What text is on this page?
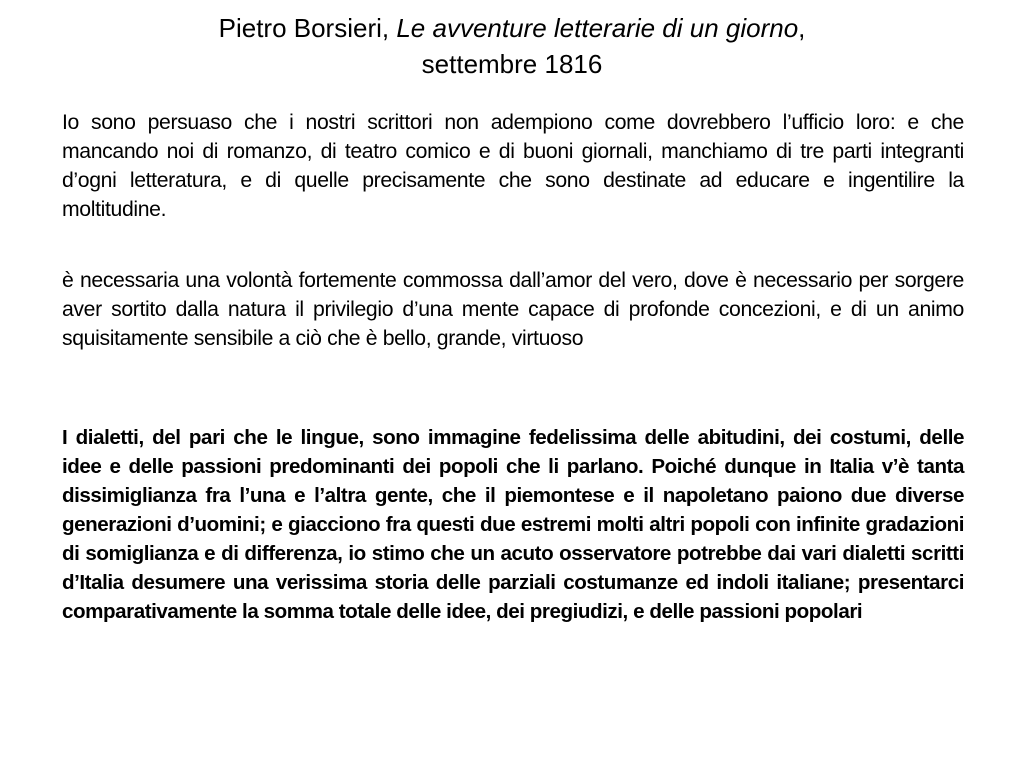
Pietro Borsieri, Le avventure letterarie di un giorno,
settembre 1816

Io sono persuaso che i nostri scrittori non adempiono come dovrebbero l’ufficio loro: e che mancando noi di romanzo, di teatro comico e di buoni giornali, manchiamo di tre parti integranti d’ogni letteratura, e di quelle precisamente che sono destinate ad educare e ingentilire la moltitudine.

è necessaria una volontà fortemente commossa dall’amor del vero, dove è necessario per sorgere aver sortito dalla natura il privilegio d’una mente capace di profonde concezioni, e di un animo squisitamente sensibile a ciò che è bello, grande, virtuoso

I dialetti, del pari che le lingue, sono immagine fedelissima delle abitudini, dei costumi, delle idee e delle passioni predominanti dei popoli che li parlano. Poiché dunque in Italia v’è tanta dissimiglianza fra l’una e l’altra gente, che il piemontese e il napoletano paiono due diverse generazioni d’uomini; e giacciono fra questi due estremi molti altri popoli con infinite gradazioni di somiglianza e di differenza, io stimo che un acuto osservatore potrebbe dai vari dialetti scritti d’Italia desumere una verissima storia delle parziali costumanze ed indoli italiane; presentarci comparativamente la somma totale delle idee, dei pregiudizi, e delle passioni popolari
